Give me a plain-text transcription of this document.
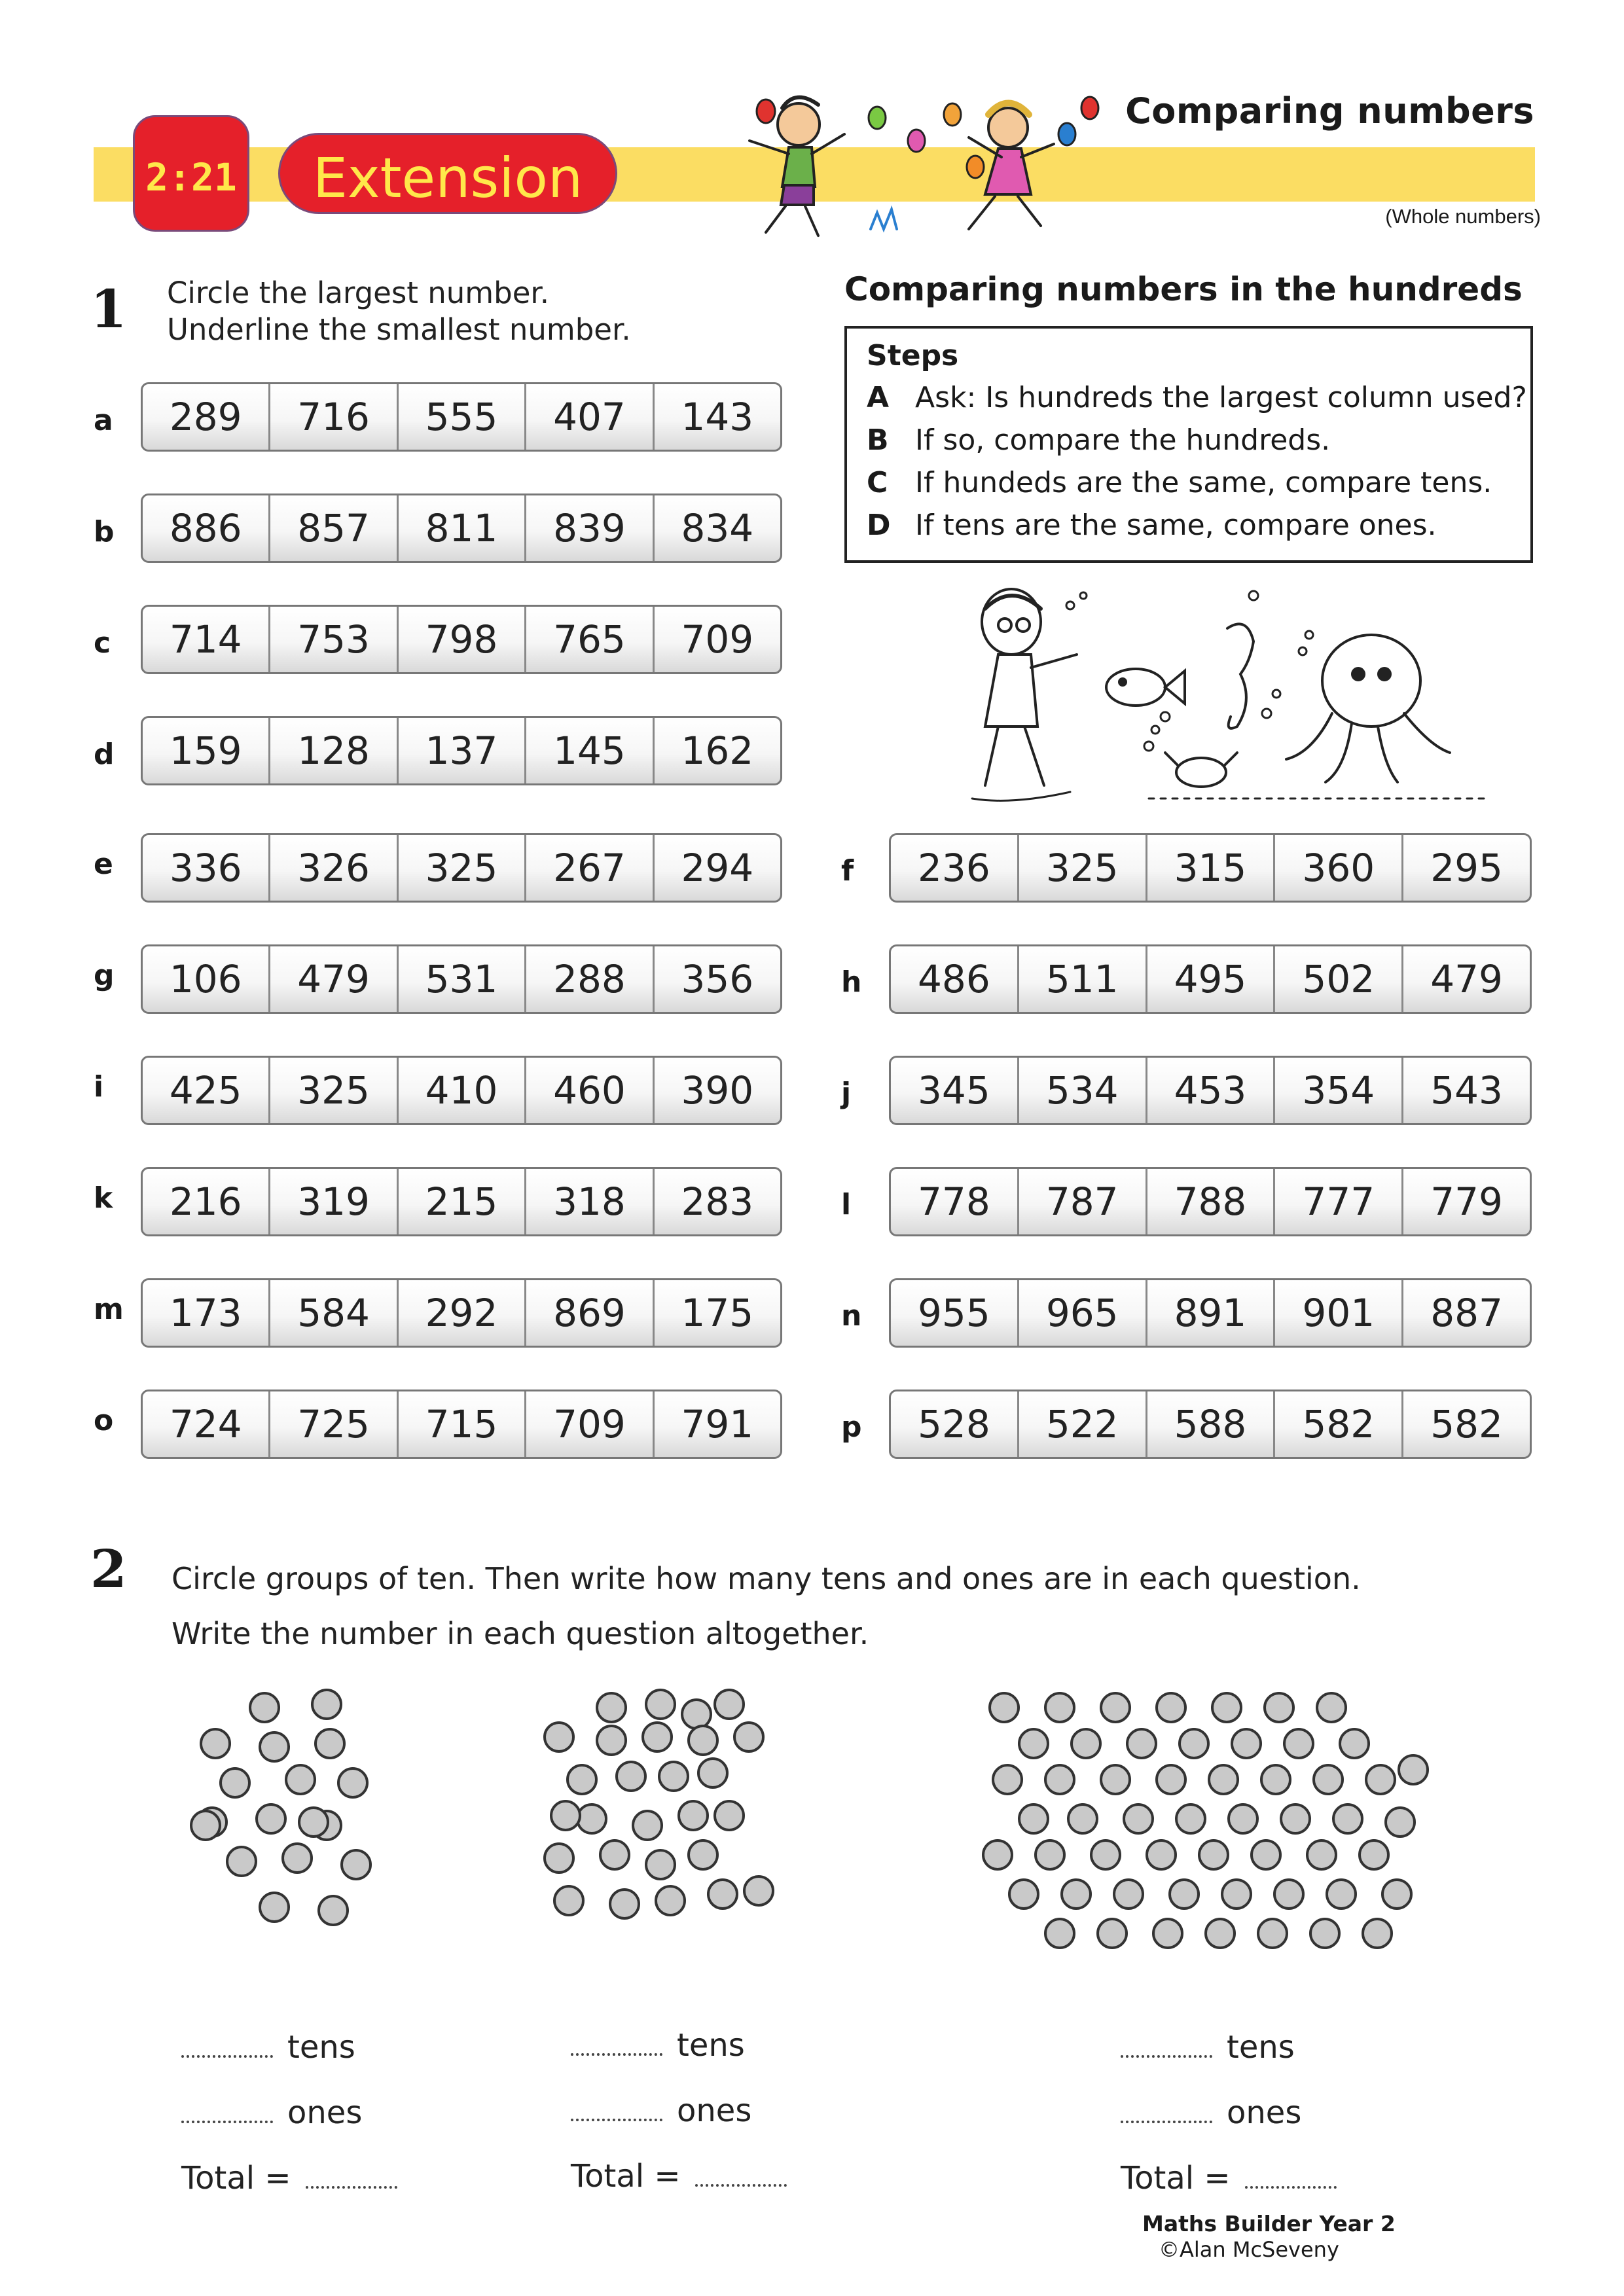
2:21	Extension
Comparing numbers
(Whole numbers)
1 Circle the largest number.
Underline the smallest number.
a	289	716	555	407	143
b	886	857	811	839	834
c	714	753	798	765	709
d	159	128	137	145	162
e	336	326	325	267	294
g	106	479	531	288	356
i	425	325	410	460	390
k	216	319	215	318	283
m	173	584	292	869	175
o	724	725	715	709	791
f	236	325	315	360	295
h	486	511	495	502	479
j	345	534	453	354	543
l	778	787	788	777	779
n	955	965	891	901	887
p	528	522	588	582	582
Comparing numbers in the hundreds
Steps
A Ask: Is hundreds the largest column used?
B If so, compare the hundreds.
C If hundeds are the same, compare tens.
D If tens are the same, compare ones.
2 Circle groups of ten. Then write how many tens and ones are in each question.
Write the number in each question altogether.
tens
ones
Total =
tens
ones
Total =
tens
ones
Total =
Maths Builder Year 2
©Alan McSeveny
